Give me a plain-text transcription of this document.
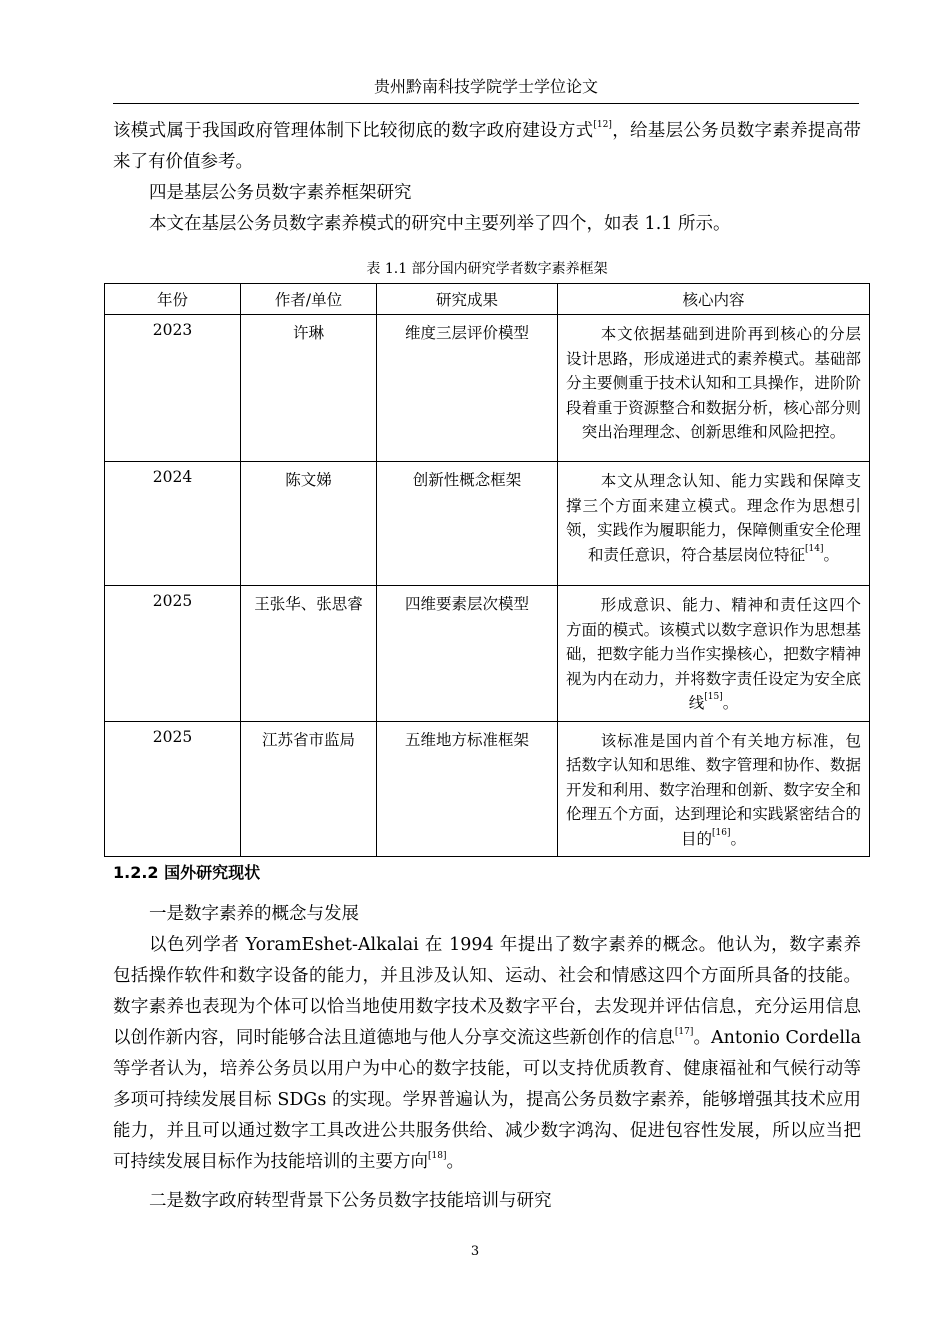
贵州黔南科技学院学士学位论文

该模式属于我国政府管理体制下比较彻底的数字政府建设方式[12]，给基层公务员数字素养提高带来了有价值参考。

四是基层公务员数字素养框架研究

本文在基层公务员数字素养模式的研究中主要列举了四个，如表 1.1 所示。

表 1.1 部分国内研究学者数字素养框架
年份	作者/单位	研究成果	核心内容
2023	许琳	维度三层评价模型	本文依据基础到进阶再到核心的分层设计思路，形成递进式的素养模式。基础部分主要侧重于技术认知和工具操作，进阶阶段着重于资源整合和数据分析，核心部分则突出治理理念、创新思维和风险把控。
2024	陈文娣	创新性概念框架	本文从理念认知、能力实践和保障支撑三个方面来建立模式。理念作为思想引领，实践作为履职能力，保障侧重安全伦理和责任意识，符合基层岗位特征[14]。
2025	王张华、张思睿	四维要素层次模型	形成意识、能力、精神和责任这四个方面的模式。该模式以数字意识作为思想基础，把数字能力当作实操核心，把数字精神视为内在动力，并将数字责任设定为安全底线[15]。
2025	江苏省市监局	五维地方标准框架	该标准是国内首个有关地方标准，包括数字认知和思维、数字管理和协作、数据开发和利用、数字治理和创新、数字安全和伦理五个方面，达到理论和实践紧密结合的目的[16]。
1.2.2 国外研究现状

一是数字素养的概念与发展

以色列学者 YoramEshet-Alkalai 在 1994 年提出了数字素养的概念。他认为，数字素养包括操作软件和数字设备的能力，并且涉及认知、运动、社会和情感这四个方面所具备的技能。数字素养也表现为个体可以恰当地使用数字技术及数字平台，去发现并评估信息，充分运用信息以创作新内容，同时能够合法且道德地与他人分享交流这些新创作的信息[17]。Antonio Cordella 等学者认为，培养公务员以用户为中心的数字技能，可以支持优质教育、健康福祉和气候行动等多项可持续发展目标 SDGs 的实现。学界普遍认为，提高公务员数字素养，能够增强其技术应用能力，并且可以通过数字工具改进公共服务供给、减少数字鸿沟、促进包容性发展，所以应当把可持续发展目标作为技能培训的主要方向[18]。

二是数字政府转型背景下公务员数字技能培训与研究

3
